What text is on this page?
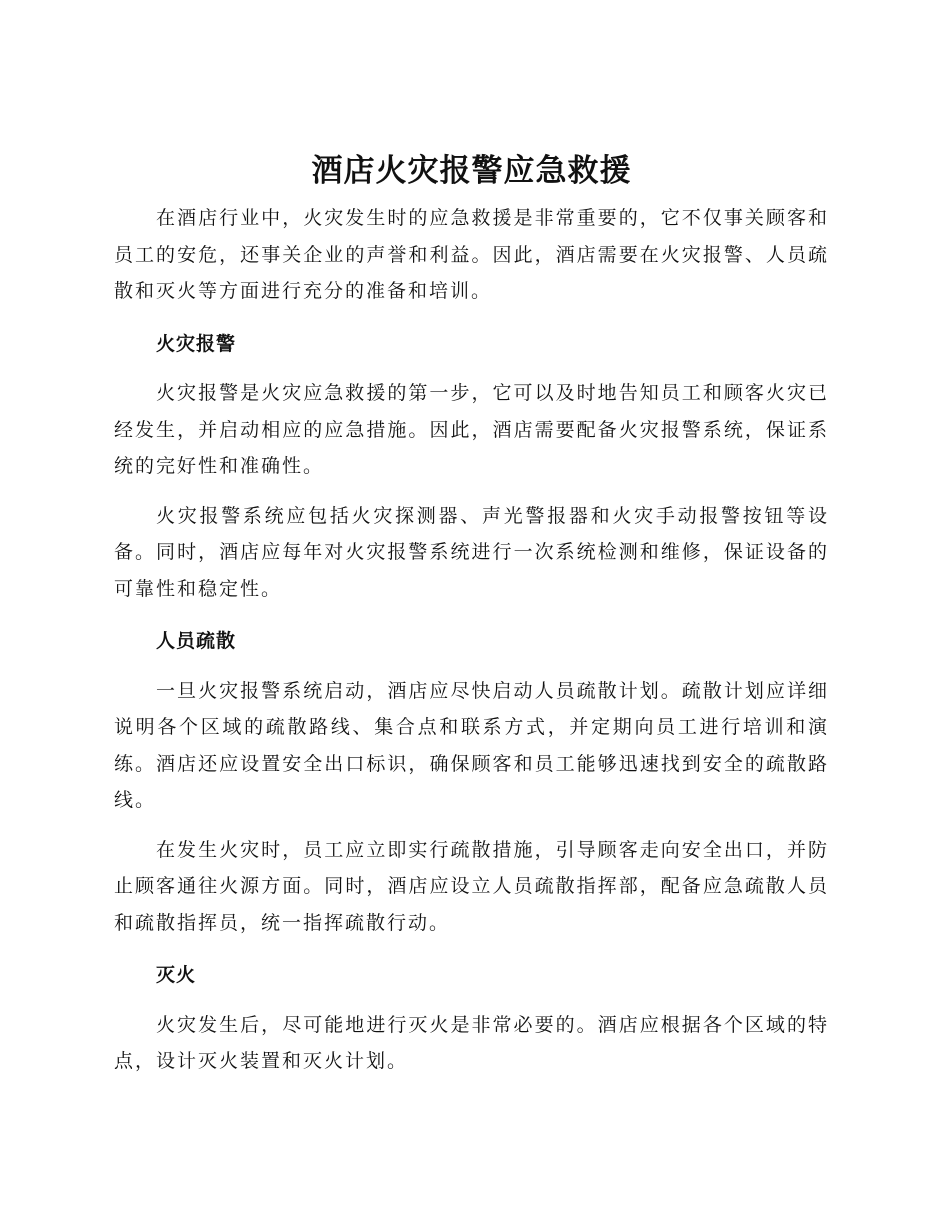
酒店火灾报警应急救援

在酒店行业中，火灾发生时的应急救援是非常重要的，它不仅事关顾客和员工的安危，还事关企业的声誉和利益。因此，酒店需要在火灾报警、人员疏散和灭火等方面进行充分的准备和培训。

火灾报警

火灾报警是火灾应急救援的第一步，它可以及时地告知员工和顾客火灾已经发生，并启动相应的应急措施。因此，酒店需要配备火灾报警系统，保证系统的完好性和准确性。

火灾报警系统应包括火灾探测器、声光警报器和火灾手动报警按钮等设备。同时，酒店应每年对火灾报警系统进行一次系统检测和维修，保证设备的可靠性和稳定性。

人员疏散

一旦火灾报警系统启动，酒店应尽快启动人员疏散计划。疏散计划应详细说明各个区域的疏散路线、集合点和联系方式，并定期向员工进行培训和演练。酒店还应设置安全出口标识，确保顾客和员工能够迅速找到安全的疏散路线。

在发生火灾时，员工应立即实行疏散措施，引导顾客走向安全出口，并防止顾客通往火源方面。同时，酒店应设立人员疏散指挥部，配备应急疏散人员和疏散指挥员，统一指挥疏散行动。

灭火

火灾发生后，尽可能地进行灭火是非常必要的。酒店应根据各个区域的特点，设计灭火装置和灭火计划。
